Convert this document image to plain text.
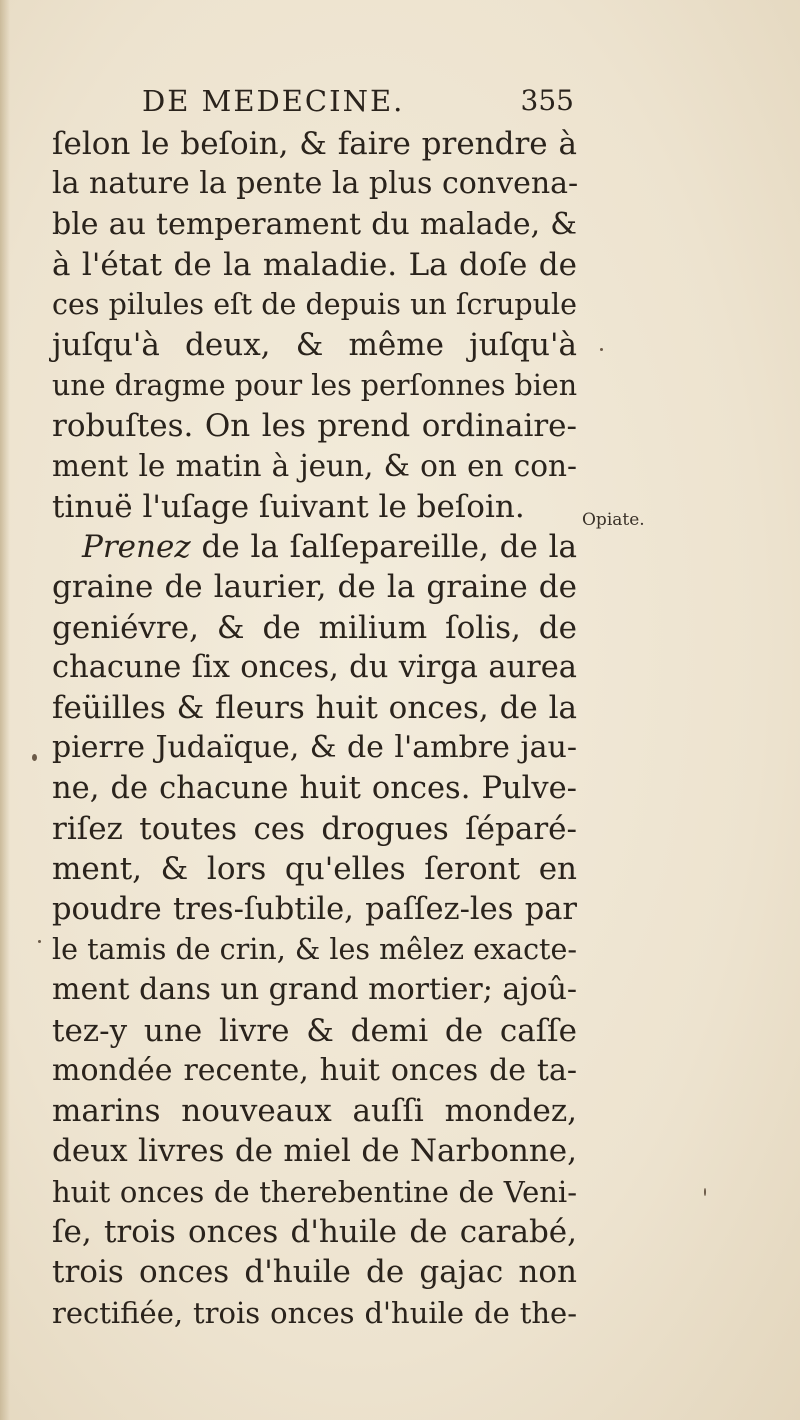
DE MEDECINE.	355
Opiate.
ſelon le beſoin, & faire prendre à
la nature la pente la plus convena-
ble au temperament du malade, &
à l'état de la maladie. La doſe de
ces pilules eſt de depuis un ſcrupule
juſqu'à deux, & même juſqu'à
une dragme pour les perſonnes bien
robuſtes. On les prend ordinaire-
ment le matin à jeun, & on en con-
tinuë l'uſage ſuivant le beſoin.
Prenez de la ſalſepareille, de la
graine de laurier, de la graine de
geniévre, & de milium ſolis, de
chacune ſix onces, du virga aurea
feüilles & fleurs huit onces, de la
pierre Judaïque, & de l'ambre jau-
ne, de chacune huit onces. Pulve-
riſez toutes ces drogues ſéparé-
ment, & lors qu'elles ſeront en
poudre tres-ſubtile, paſſez-les par
le tamis de crin, & les mêlez exacte-
ment dans un grand mortier; ajoû-
tez-y une livre & demi de caſſe
mondée recente, huit onces de ta-
marins nouveaux auſſi mondez,
deux livres de miel de Narbonne,
huit onces de therebentine de Veni-
ſe, trois onces d'huile de carabé,
trois onces d'huile de gajac non
rectifiée, trois onces d'huile de the-
